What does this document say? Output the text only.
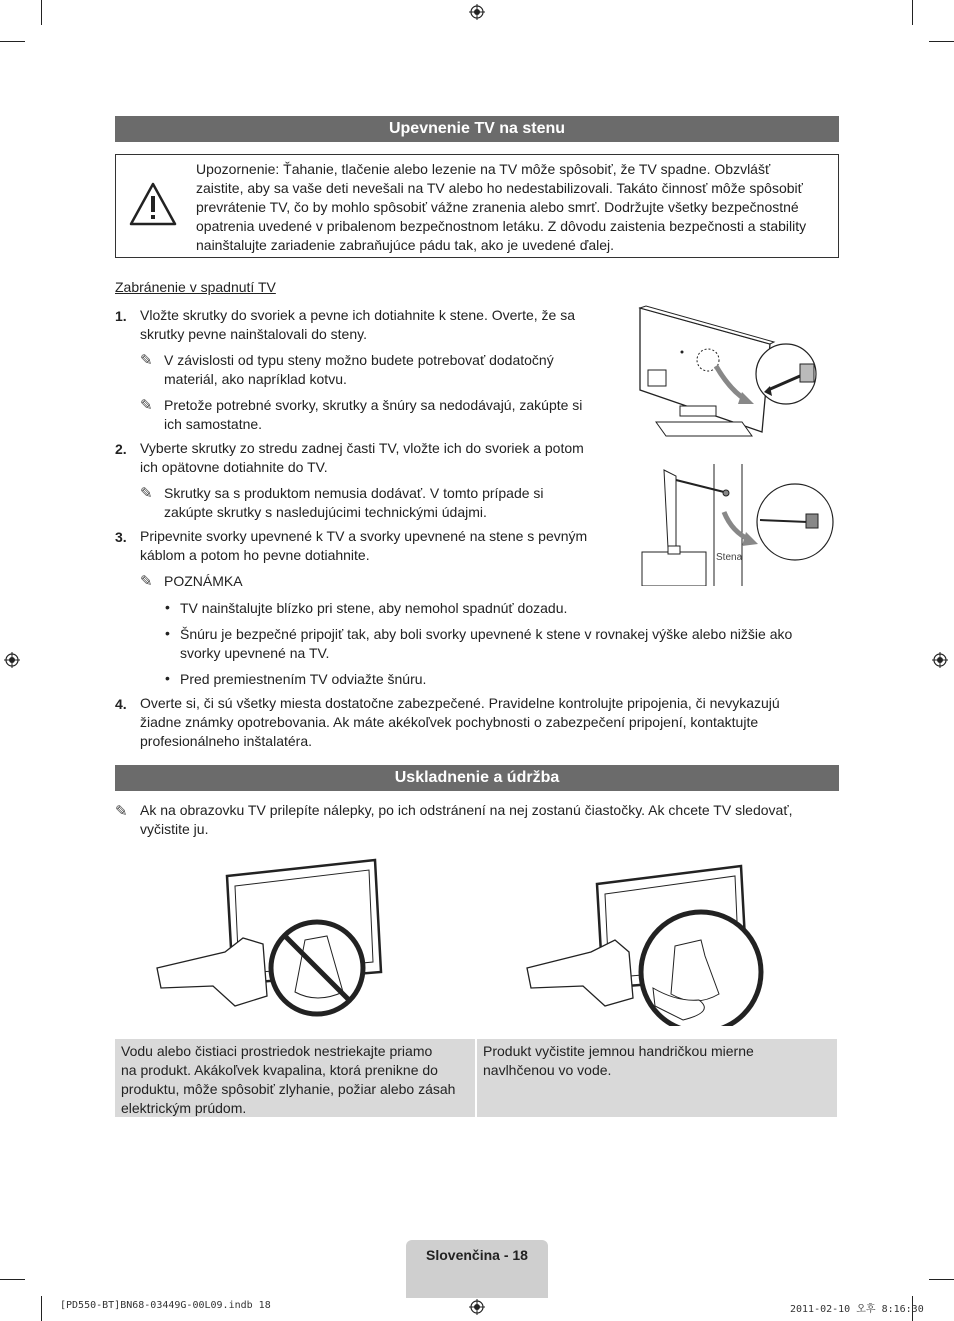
Upevnenie TV na stenu
Upozornenie: Ťahanie, tlačenie alebo lezenie na TV môže spôsobiť, že TV spadne. Obzvlášť
zaistite, aby sa vaše deti nevešali na TV alebo ho nedestabilizovali. Takáto činnosť môže spôsobiť
prevrátenie TV, čo by mohlo spôsobiť vážne zranenia alebo smrť. Dodržujte všetky bezpečnostné
opatrenia uvedené v pribalenom bezpečnostnom letáku. Z dôvodu zaistenia bezpečnosti a stability
nainštalujte zariadenie zabraňujúce pádu tak, ako je uvedené ďalej.
Zabránenie v spadnutí TV
1. Vložte skrutky do svoriek a pevne ich dotiahnite k stene. Overte, že sa
skrutky pevne nainštalovali do steny.
✎ V závislosti od typu steny možno budete potrebovať dodatočný
materiál, ako napríklad kotvu.
✎ Pretože potrebné svorky, skrutky a šnúry sa nedodávajú, zakúpte si
ich samostatne.
2. Vyberte skrutky zo stredu zadnej časti TV, vložte ich do svoriek a potom
ich opätovne dotiahnite do TV.
✎ Skrutky sa s produktom nemusia dodávať. V tomto prípade si
zakúpte skrutky s nasledujúcimi technickými údajmi.
3. Pripevnite svorky upevnené k TV a svorky upevnené na stene s pevným
káblom a potom ho pevne dotiahnite.
✎ POZNÁMKA
• TV nainštalujte blízko pri stene, aby nemohol spadnúť dozadu.
• Šnúru je bezpečné pripojiť tak, aby boli svorky upevnené k stene v rovnakej výške alebo nižšie ako
svorky upevnené na TV.
• Pred premiestnením TV odviažte šnúru.
4. Overte si, či sú všetky miesta dostatočne zabezpečené. Pravidelne kontrolujte pripojenia, či nevykazujú
žiadne známky opotrebovania. Ak máte akékoľvek pochybnosti o zabezpečení pripojení, kontaktujte
profesionálneho inštalatéra.
Stena
Uskladnenie a údržba
✎ Ak na obrazovku TV prilepíte nálepky, po ich odstránení na nej zostanú čiastočky. Ak chcete TV sledovať,
vyčistite ju.
Vodu alebo čistiaci prostriedok nestriekajte priamo
na produkt. Akákoľvek kvapalina, ktorá prenikne do
produktu, môže spôsobiť zlyhanie, požiar alebo zásah
elektrickým prúdom.
Produkt vyčistite jemnou handričkou mierne
navlhčenou vo vode.
Slovenčina - 18
[PD550-BT]BN68-03449G-00L09.indb 18	2011-02-10 오후 8:16:30
